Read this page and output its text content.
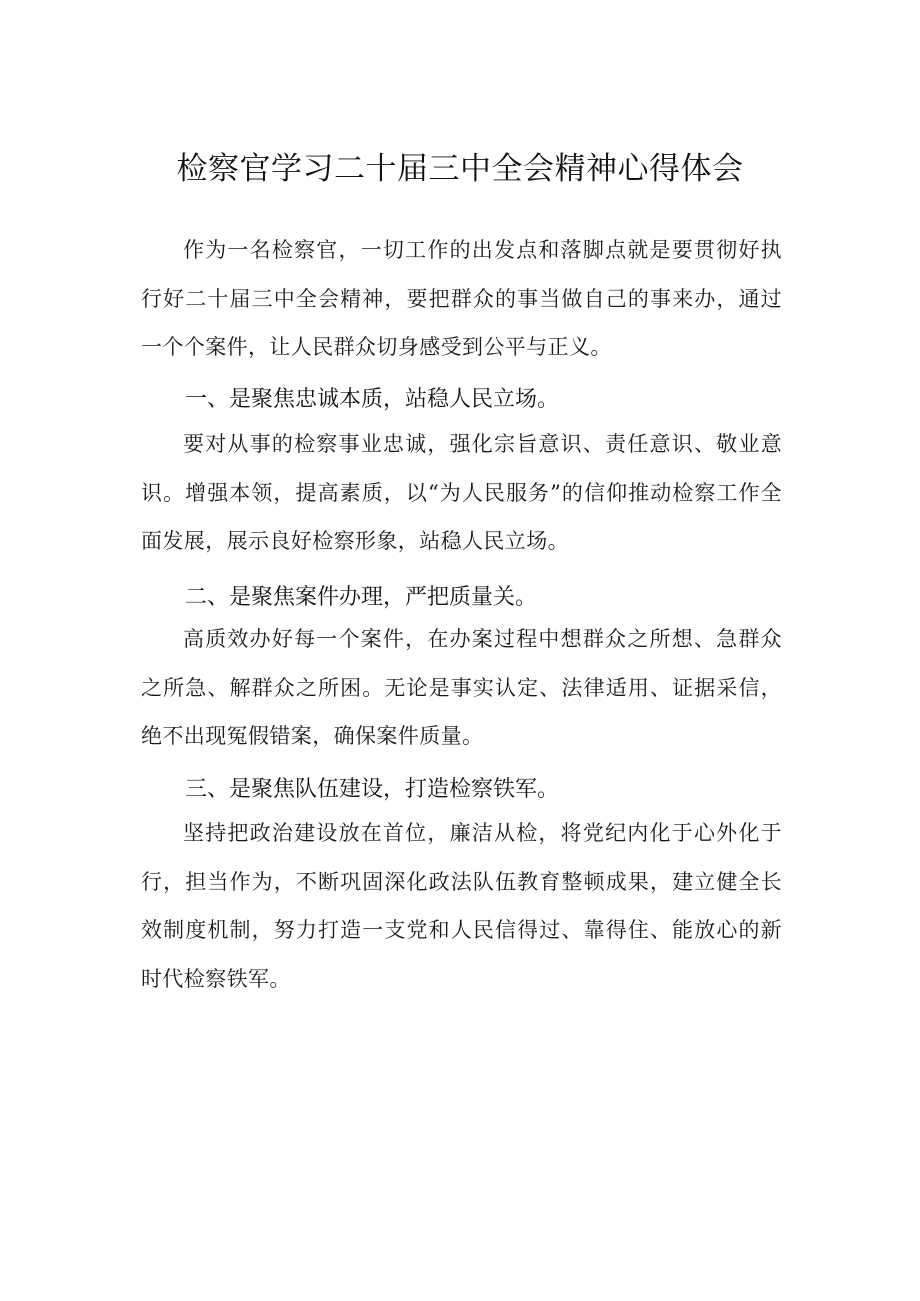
检察官学习二十届三中全会精神心得体会

作为一名检察官，一切工作的出发点和落脚点就是要贯彻好执行好二十届三中全会精神，要把群众的事当做自己的事来办，通过一个个案件，让人民群众切身感受到公平与正义。

一、是聚焦忠诚本质，站稳人民立场。

要对从事的检察事业忠诚，强化宗旨意识、责任意识、敬业意识。增强本领，提高素质，以“为人民服务”的信仰推动检察工作全面发展，展示良好检察形象，站稳人民立场。

二、是聚焦案件办理，严把质量关。

高质效办好每一个案件，在办案过程中想群众之所想、急群众之所急、解群众之所困。无论是事实认定、法律适用、证据采信，绝不出现冤假错案，确保案件质量。

三、是聚焦队伍建设，打造检察铁军。

坚持把政治建设放在首位，廉洁从检，将党纪内化于心外化于行，担当作为，不断巩固深化政法队伍教育整顿成果，建立健全长效制度机制，努力打造一支党和人民信得过、靠得住、能放心的新时代检察铁军。
